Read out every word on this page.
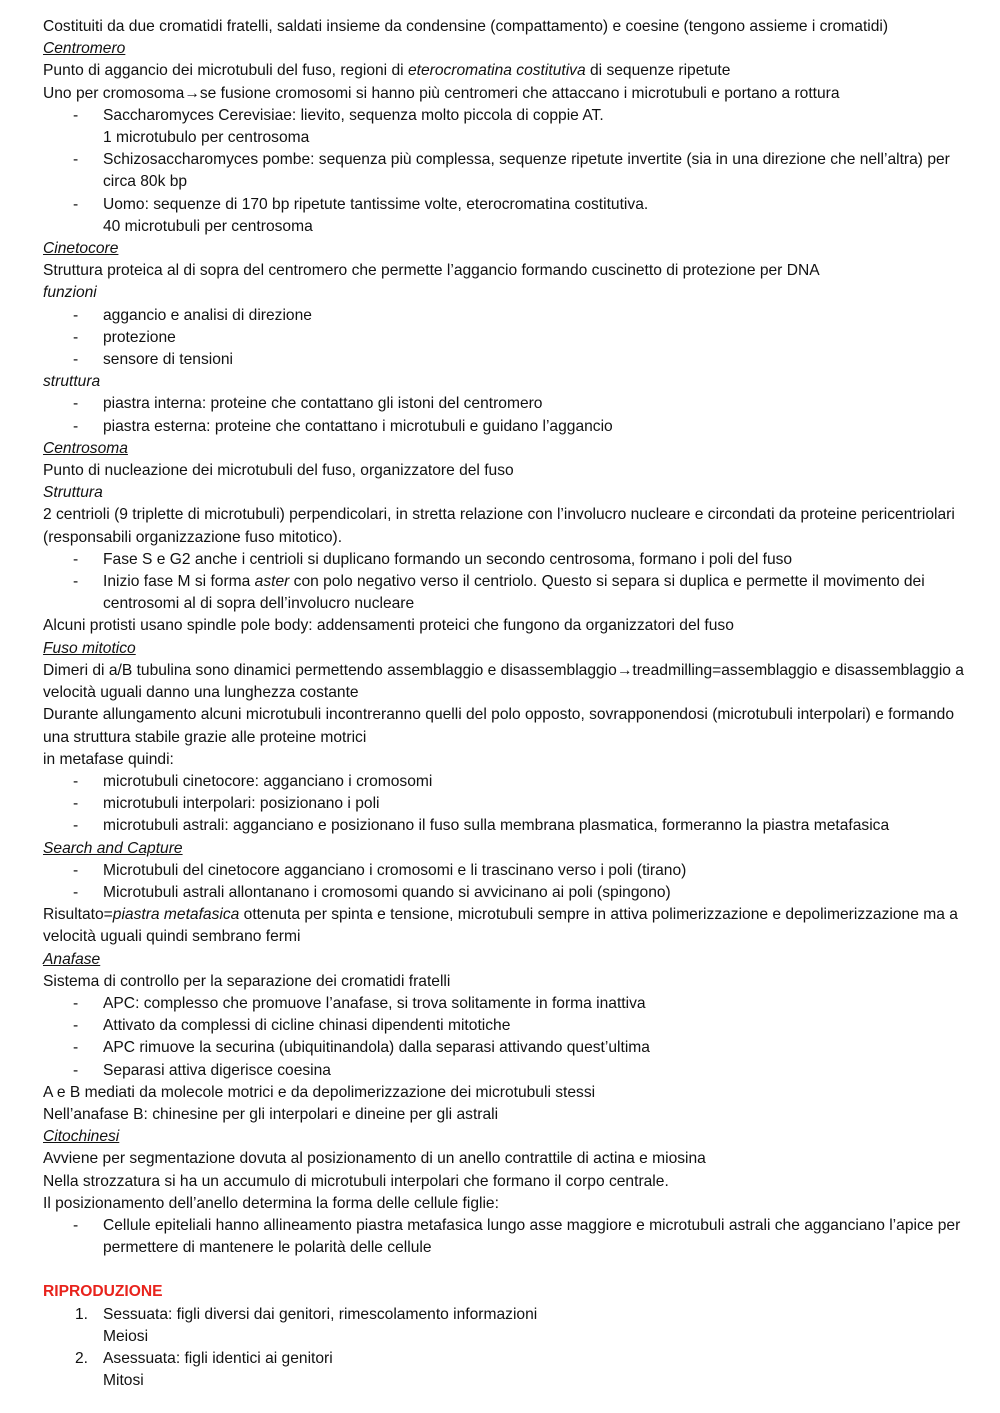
Costituiti da due cromatidi fratelli, saldati insieme da condensine (compattamento) e coesine (tengono assieme i cromatidi)

Centromero

Punto di aggancio dei microtubuli del fuso, regioni di eterocromatina costitutiva di sequenze ripetute

Uno per cromosoma→se fusione cromosomi si hanno più centromeri che attaccano i microtubuli e portano a rottura

- Saccharomyces Cerevisiae: lievito, sequenza molto piccola di coppie AT.
1 microtubulo per centrosoma
- Schizosaccharomyces pombe: sequenza più complessa, sequenze ripetute invertite (sia in una direzione che nell’altra) per circa 80k bp
- Uomo: sequenze di 170 bp ripetute tantissime volte, eterocromatina costitutiva.
40 microtubuli per centrosoma

Cinetocore

Struttura proteica al di sopra del centromero che permette l’aggancio formando cuscinetto di protezione per DNA

funzioni

- aggancio e analisi di direzione
- protezione
- sensore di tensioni

struttura

- piastra interna: proteine che contattano gli istoni del centromero
- piastra esterna: proteine che contattano i microtubuli e guidano l’aggancio

Centrosoma

Punto di nucleazione dei microtubuli del fuso, organizzatore del fuso

Struttura

2 centrioli (9 triplette di microtubuli) perpendicolari, in stretta relazione con l’involucro nucleare e circondati da proteine pericentriolari (responsabili organizzazione fuso mitotico).

- Fase S e G2 anche i centrioli si duplicano formando un secondo centrosoma, formano i poli del fuso
- Inizio fase M si forma aster con polo negativo verso il centriolo. Questo si separa si duplica e permette il movimento dei centrosomi al di sopra dell’involucro nucleare

Alcuni protisti usano spindle pole body: addensamenti proteici che fungono da organizzatori del fuso

Fuso mitotico

Dimeri di a/B tubulina sono dinamici permettendo assemblaggio e disassemblaggio→treadmilling=assemblaggio e disassemblaggio a velocità uguali danno una lunghezza costante

Durante allungamento alcuni microtubuli incontreranno quelli del polo opposto, sovrapponendosi (microtubuli interpolari) e formando una struttura stabile grazie alle proteine motrici

in metafase quindi:

- microtubuli cinetocore: agganciano i cromosomi
- microtubuli interpolari: posizionano i poli
- microtubuli astrali: agganciano e posizionano il fuso sulla membrana plasmatica, formeranno la piastra metafasica

Search and Capture

- Microtubuli del cinetocore agganciano i cromosomi e li trascinano verso i poli (tirano)
- Microtubuli astrali allontanano i cromosomi quando si avvicinano ai poli (spingono)

Risultato=piastra metafasica ottenuta per spinta e tensione, microtubuli sempre in attiva polimerizzazione e depolimerizzazione ma a velocità uguali quindi sembrano fermi

Anafase

Sistema di controllo per la separazione dei cromatidi fratelli

- APC: complesso che promuove l’anafase, si trova solitamente in forma inattiva
- Attivato da complessi di cicline chinasi dipendenti mitotiche
- APC rimuove la securina (ubiquitinandola) dalla separasi attivando quest’ultima
- Separasi attiva digerisce coesina

A e B mediati da molecole motrici e da depolimerizzazione dei microtubuli stessi

Nell’anafase B: chinesine per gli interpolari e dineine per gli astrali

Citochinesi

Avviene per segmentazione dovuta al posizionamento di un anello contrattile di actina e miosina

Nella strozzatura si ha un accumulo di microtubuli interpolari che formano il corpo centrale.

Il posizionamento dell’anello determina la forma delle cellule figlie:

- Cellule epiteliali hanno allineamento piastra metafasica lungo asse maggiore e microtubuli astrali che agganciano l’apice per permettere di mantenere le polarità delle cellule

RIPRODUZIONE

1. Sessuata: figli diversi dai genitori, rimescolamento informazioni
Meiosi
2. Asessuata: figli identici ai genitori
Mitosi
